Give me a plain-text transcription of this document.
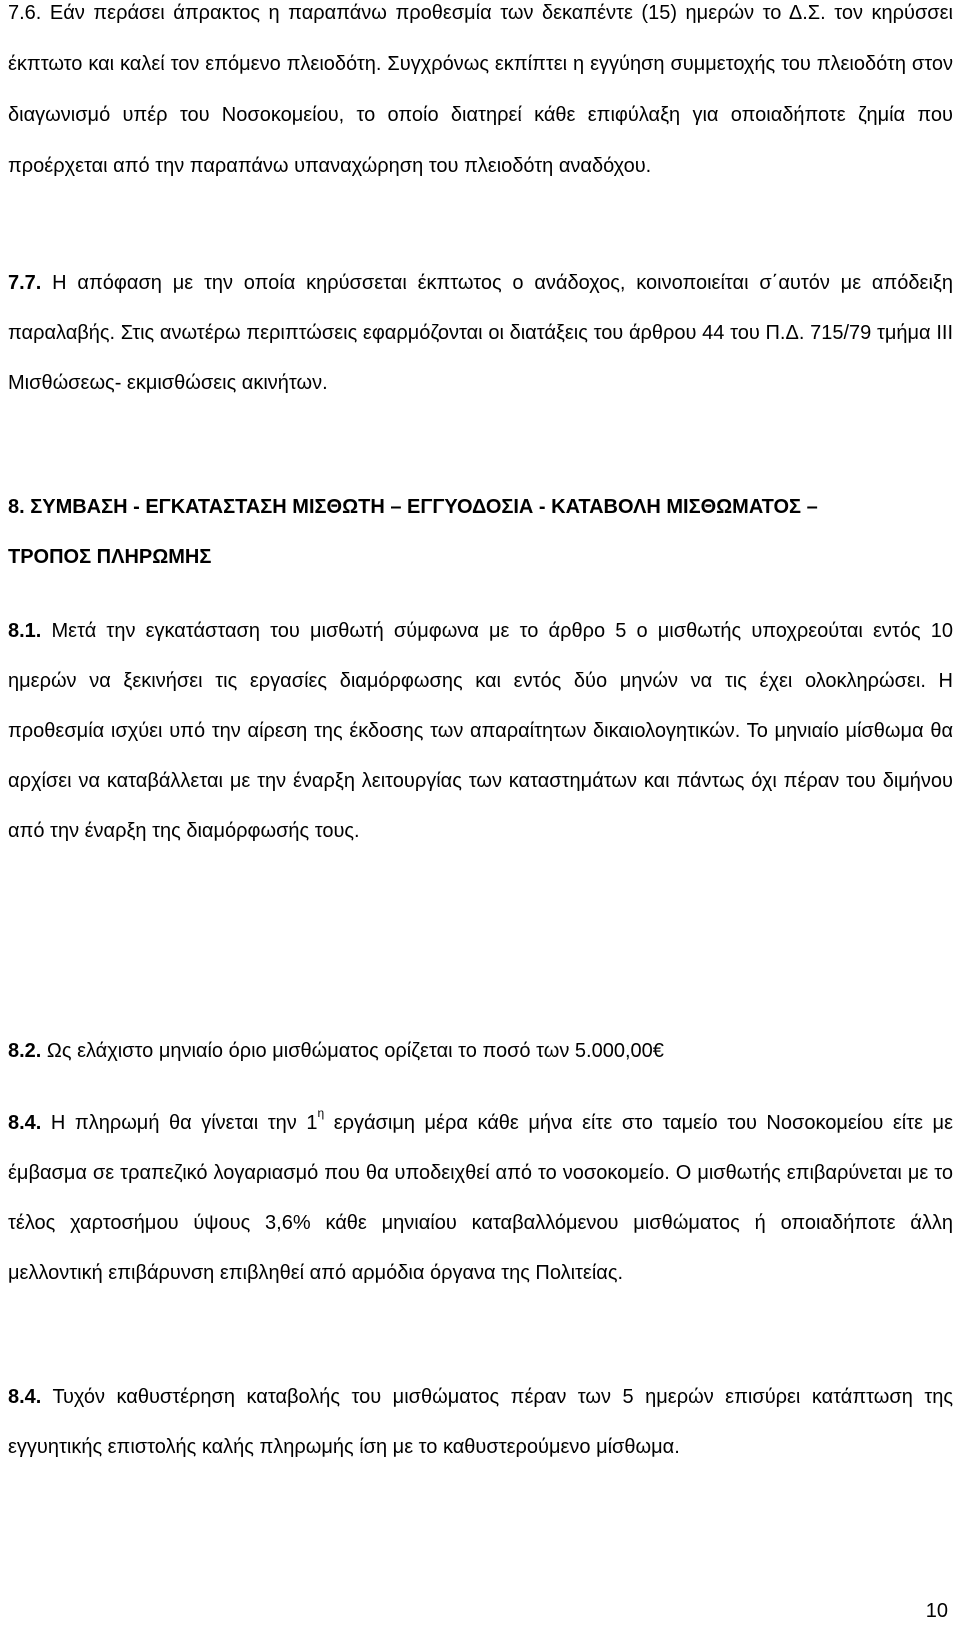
7.6. Εάν περάσει άπρακτος η παραπάνω προθεσμία των δεκαπέντε (15) ημερών το Δ.Σ. τον κηρύσσει έκπτωτο και καλεί τον επόμενο πλειοδότη. Συγχρόνως εκπίπτει η εγγύηση συμμετοχής του πλειοδότη στον διαγωνισμό υπέρ του Νοσοκομείου, το οποίο διατηρεί κάθε επιφύλαξη για οποιαδήποτε ζημία που προέρχεται από την παραπάνω υπαναχώρηση του πλειοδότη αναδόχου.

7.7. Η απόφαση με την οποία κηρύσσεται έκπτωτος ο ανάδοχος, κοινοποιείται σ΄αυτόν με απόδειξη παραλαβής. Στις ανωτέρω περιπτώσεις εφαρμόζονται οι διατάξεις του άρθρου 44 του Π.Δ. 715/79 τμήμα ΙΙΙ Μισθώσεως- εκμισθώσεις ακινήτων.

8. ΣΥΜΒΑΣΗ - ΕΓΚΑΤΑΣΤΑΣΗ ΜΙΣΘΩΤΗ – ΕΓΓΥΟΔΟΣΙΑ - ΚΑΤΑΒΟΛΗ ΜΙΣΘΩΜΑΤΟΣ –
ΤΡΟΠΟΣ ΠΛΗΡΩΜΗΣ

8.1. Μετά την εγκατάσταση του μισθωτή σύμφωνα με το άρθρο 5 ο μισθωτής υποχρεούται εντός 10 ημερών να ξεκινήσει τις εργασίες διαμόρφωσης και εντός δύο μηνών να τις έχει ολοκληρώσει. Η προθεσμία ισχύει υπό την αίρεση της έκδοσης των απαραίτητων δικαιολογητικών. Το μηνιαίο μίσθωμα θα αρχίσει να καταβάλλεται με την έναρξη λειτουργίας των καταστημάτων και πάντως όχι πέραν του διμήνου από την έναρξη της διαμόρφωσής τους.

8.2. Ως ελάχιστο μηνιαίο όριο μισθώματος ορίζεται το ποσό των 5.000,00€

8.4. Η πληρωμή θα γίνεται την $1^\eta$ εργάσιμη μέρα κάθε μήνα είτε στο ταμείο του Νοσοκομείου είτε με έμβασμα σε τραπεζικό λογαριασμό που θα υποδειχθεί από το νοσοκομείο. Ο μισθωτής επιβαρύνεται με το τέλος χαρτοσήμου ύψους 3,6% κάθε μηνιαίου καταβαλλόμενου μισθώματος ή οποιαδήποτε άλλη μελλοντική επιβάρυνση επιβληθεί από αρμόδια όργανα της Πολιτείας.

8.4. Τυχόν καθυστέρηση καταβολής του μισθώματος πέραν των 5 ημερών επισύρει κατάπτωση της εγγυητικής επιστολής καλής πληρωμής ίση με το καθυστερούμενο μίσθωμα.

10
